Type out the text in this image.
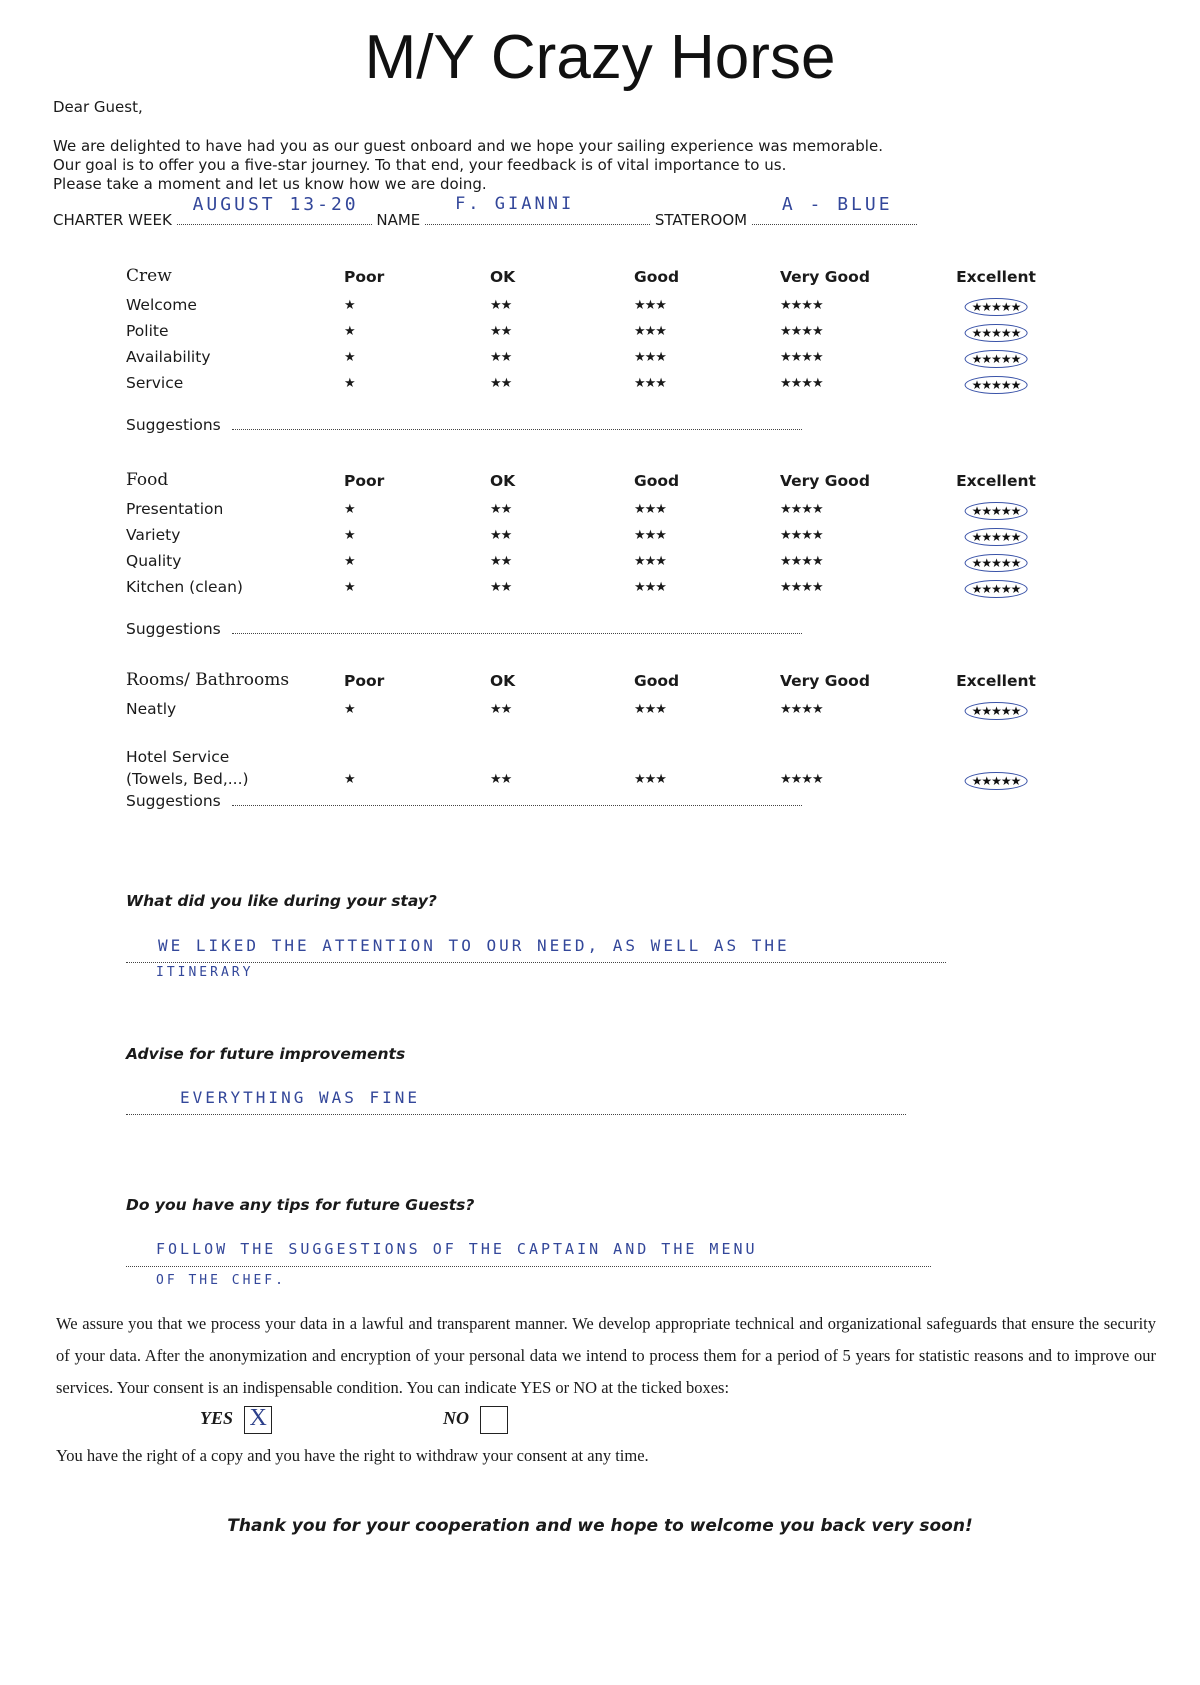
M/Y Crazy Horse
Dear Guest,
We are delighted to have had you as our guest onboard and we hope your sailing experience was memorable.
Our goal is to offer you a five-star journey. To that end, your feedback is of vital importance to us.
Please take a moment and let us know how we are doing.
CHARTER WEEK
AUGUST 13-20
NAME
F. GIANNI
STATEROOM
A - BLUE
Crew	Poor	OK	Good	Very Good	Excellent
Welcome	★	★★	★★★	★★★★	★★★★★
Polite	★	★★	★★★	★★★★	★★★★★
Availability	★	★★	★★★	★★★★	★★★★★
Service	★	★★	★★★	★★★★	★★★★★
Suggestions
Food	Poor	OK	Good	Very Good	Excellent
Presentation	★	★★	★★★	★★★★	★★★★★
Variety	★	★★	★★★	★★★★	★★★★★
Quality	★	★★	★★★	★★★★	★★★★★
Kitchen (clean)	★	★★	★★★	★★★★	★★★★★
Suggestions
Rooms/ Bathrooms	Poor	OK	Good	Very Good	Excellent
Neatly	★	★★	★★★	★★★★	★★★★★
Hotel Service
(Towels, Bed,...)	★	★★	★★★	★★★★	★★★★★
Suggestions
What did you like during your stay?
WE LIKED THE ATTENTION TO OUR NEED, AS WELL AS THE
ITINERARY
Advise for future improvements
EVERYTHING WAS FINE
Do you have any tips for future Guests?
FOLLOW THE SUGGESTIONS OF THE CAPTAIN AND THE MENU
OF THE CHEF.
We assure you that we process your data in a lawful and transparent manner. We develop appropriate technical and organizational safeguards that ensure the security of your data. After the anonymization and encryption of your personal data we intend to process them for a period of 5 years for statistic reasons and to improve our services. Your consent is an indispensable condition. You can indicate YES or NO at the ticked boxes:
YES X	NO
You have the right of a copy and you have the right to withdraw your consent at any time.
Thank you for your cooperation and we hope to welcome you back very soon!
